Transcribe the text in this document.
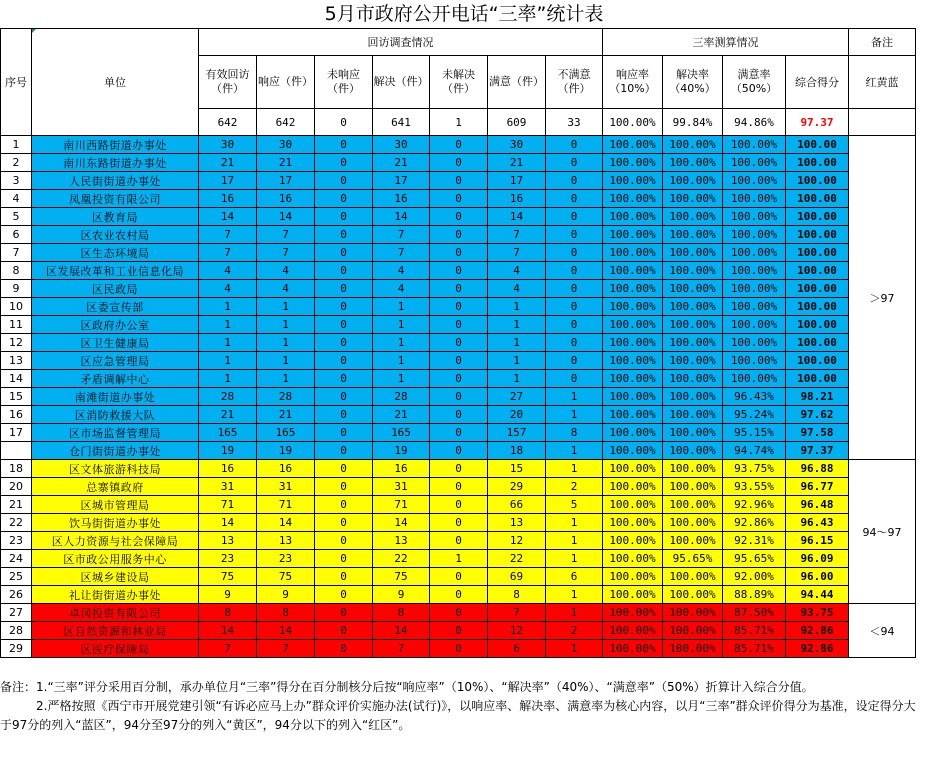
5月市政府公开电话“三率”统计表
序号	单位	回访调查情况							三率测算情况				备注
		有效回访（件）	响应（件）	未响应（件）	解决（件）	未解决（件）	满意（件）	不满意（件）	响应率（10%）	解决率（40%）	满意率（50%）	综合得分	红黄蓝
		642	642	0	641	1	609	33	100.00%	99.84%	94.86%	97.37	
1	南川西路街道办事处	30	30	0	30	0	30	0	100.00%	100.00%	100.00%	100.00	＞97
2	南川东路街道办事处	21	21	0	21	0	21	0	100.00%	100.00%	100.00%	100.00	
3	人民街街道办事处	17	17	0	17	0	17	0	100.00%	100.00%	100.00%	100.00	
4	凤凰投资有限公司	16	16	0	16	0	16	0	100.00%	100.00%	100.00%	100.00	
5	区教育局	14	14	0	14	0	14	0	100.00%	100.00%	100.00%	100.00	
6	区农业农村局	7	7	0	7	0	7	0	100.00%	100.00%	100.00%	100.00	
7	区生态环境局	7	7	0	7	0	7	0	100.00%	100.00%	100.00%	100.00	
8	区发展改革和工业信息化局	4	4	0	4	0	4	0	100.00%	100.00%	100.00%	100.00	
9	区民政局	4	4	0	4	0	4	0	100.00%	100.00%	100.00%	100.00	
10	区委宣传部	1	1	0	1	0	1	0	100.00%	100.00%	100.00%	100.00	
11	区政府办公室	1	1	0	1	0	1	0	100.00%	100.00%	100.00%	100.00	
12	区卫生健康局	1	1	0	1	0	1	0	100.00%	100.00%	100.00%	100.00	
13	区应急管理局	1	1	0	1	0	1	0	100.00%	100.00%	100.00%	100.00	
14	矛盾调解中心	1	1	0	1	0	1	0	100.00%	100.00%	100.00%	100.00	
15	南滩街道办事处	28	28	0	28	0	27	1	100.00%	100.00%	96.43%	98.21	
16	区消防救援大队	21	21	0	21	0	20	1	100.00%	100.00%	95.24%	97.62	
17	区市场监督管理局	165	165	0	165	0	157	8	100.00%	100.00%	95.15%	97.58	
	仓门街街道办事处	19	19	0	19	0	18	1	100.00%	100.00%	94.74%	97.37	
18	区文体旅游科技局	16	16	0	16	0	15	1	100.00%	100.00%	93.75%	96.88	94～97
20	总寨镇政府	31	31	0	31	0	29	2	100.00%	100.00%	93.55%	96.77	
21	区城市管理局	71	71	0	71	0	66	5	100.00%	100.00%	92.96%	96.48	
22	饮马街街道办事处	14	14	0	14	0	13	1	100.00%	100.00%	92.86%	96.43	
23	区人力资源与社会保障局	13	13	0	13	0	12	1	100.00%	100.00%	92.31%	96.15	
24	区市政公用服务中心	23	23	0	22	1	22	1	100.00%	95.65%	95.65%	96.09	
25	区城乡建设局	75	75	0	75	0	69	6	100.00%	100.00%	92.00%	96.00	
26	礼让街街道办事处	9	9	0	9	0	8	1	100.00%	100.00%	88.89%	94.44	
27	卓冈投资有限公司	8	8	0	8	0	7	1	100.00%	100.00%	87.50%	93.75	＜94
28	区自然资源和林业局	14	14	0	14	0	12	2	100.00%	100.00%	85.71%	92.86	
29	区医疗保障局	7	7	0	7	0	6	1	100.00%	100.00%	85.71%	92.86	

备注：1.“三率”评分采用百分制，承办单位月“三率”得分在百分制核分后按“响应率”（10%）、“解决率”（40%）、“满意率”（50%）折算计入综合分值。

2.严格按照《西宁市开展党建引领“有诉必应马上办”群众评价实施办法(试行)》，以响应率、解决率、满意率为核心内容，以月“三率”群众评价得分为基准，设定得分大于97分的列入“蓝区”，94分至97分的列入“黄区”，94分以下的列入“红区”。
